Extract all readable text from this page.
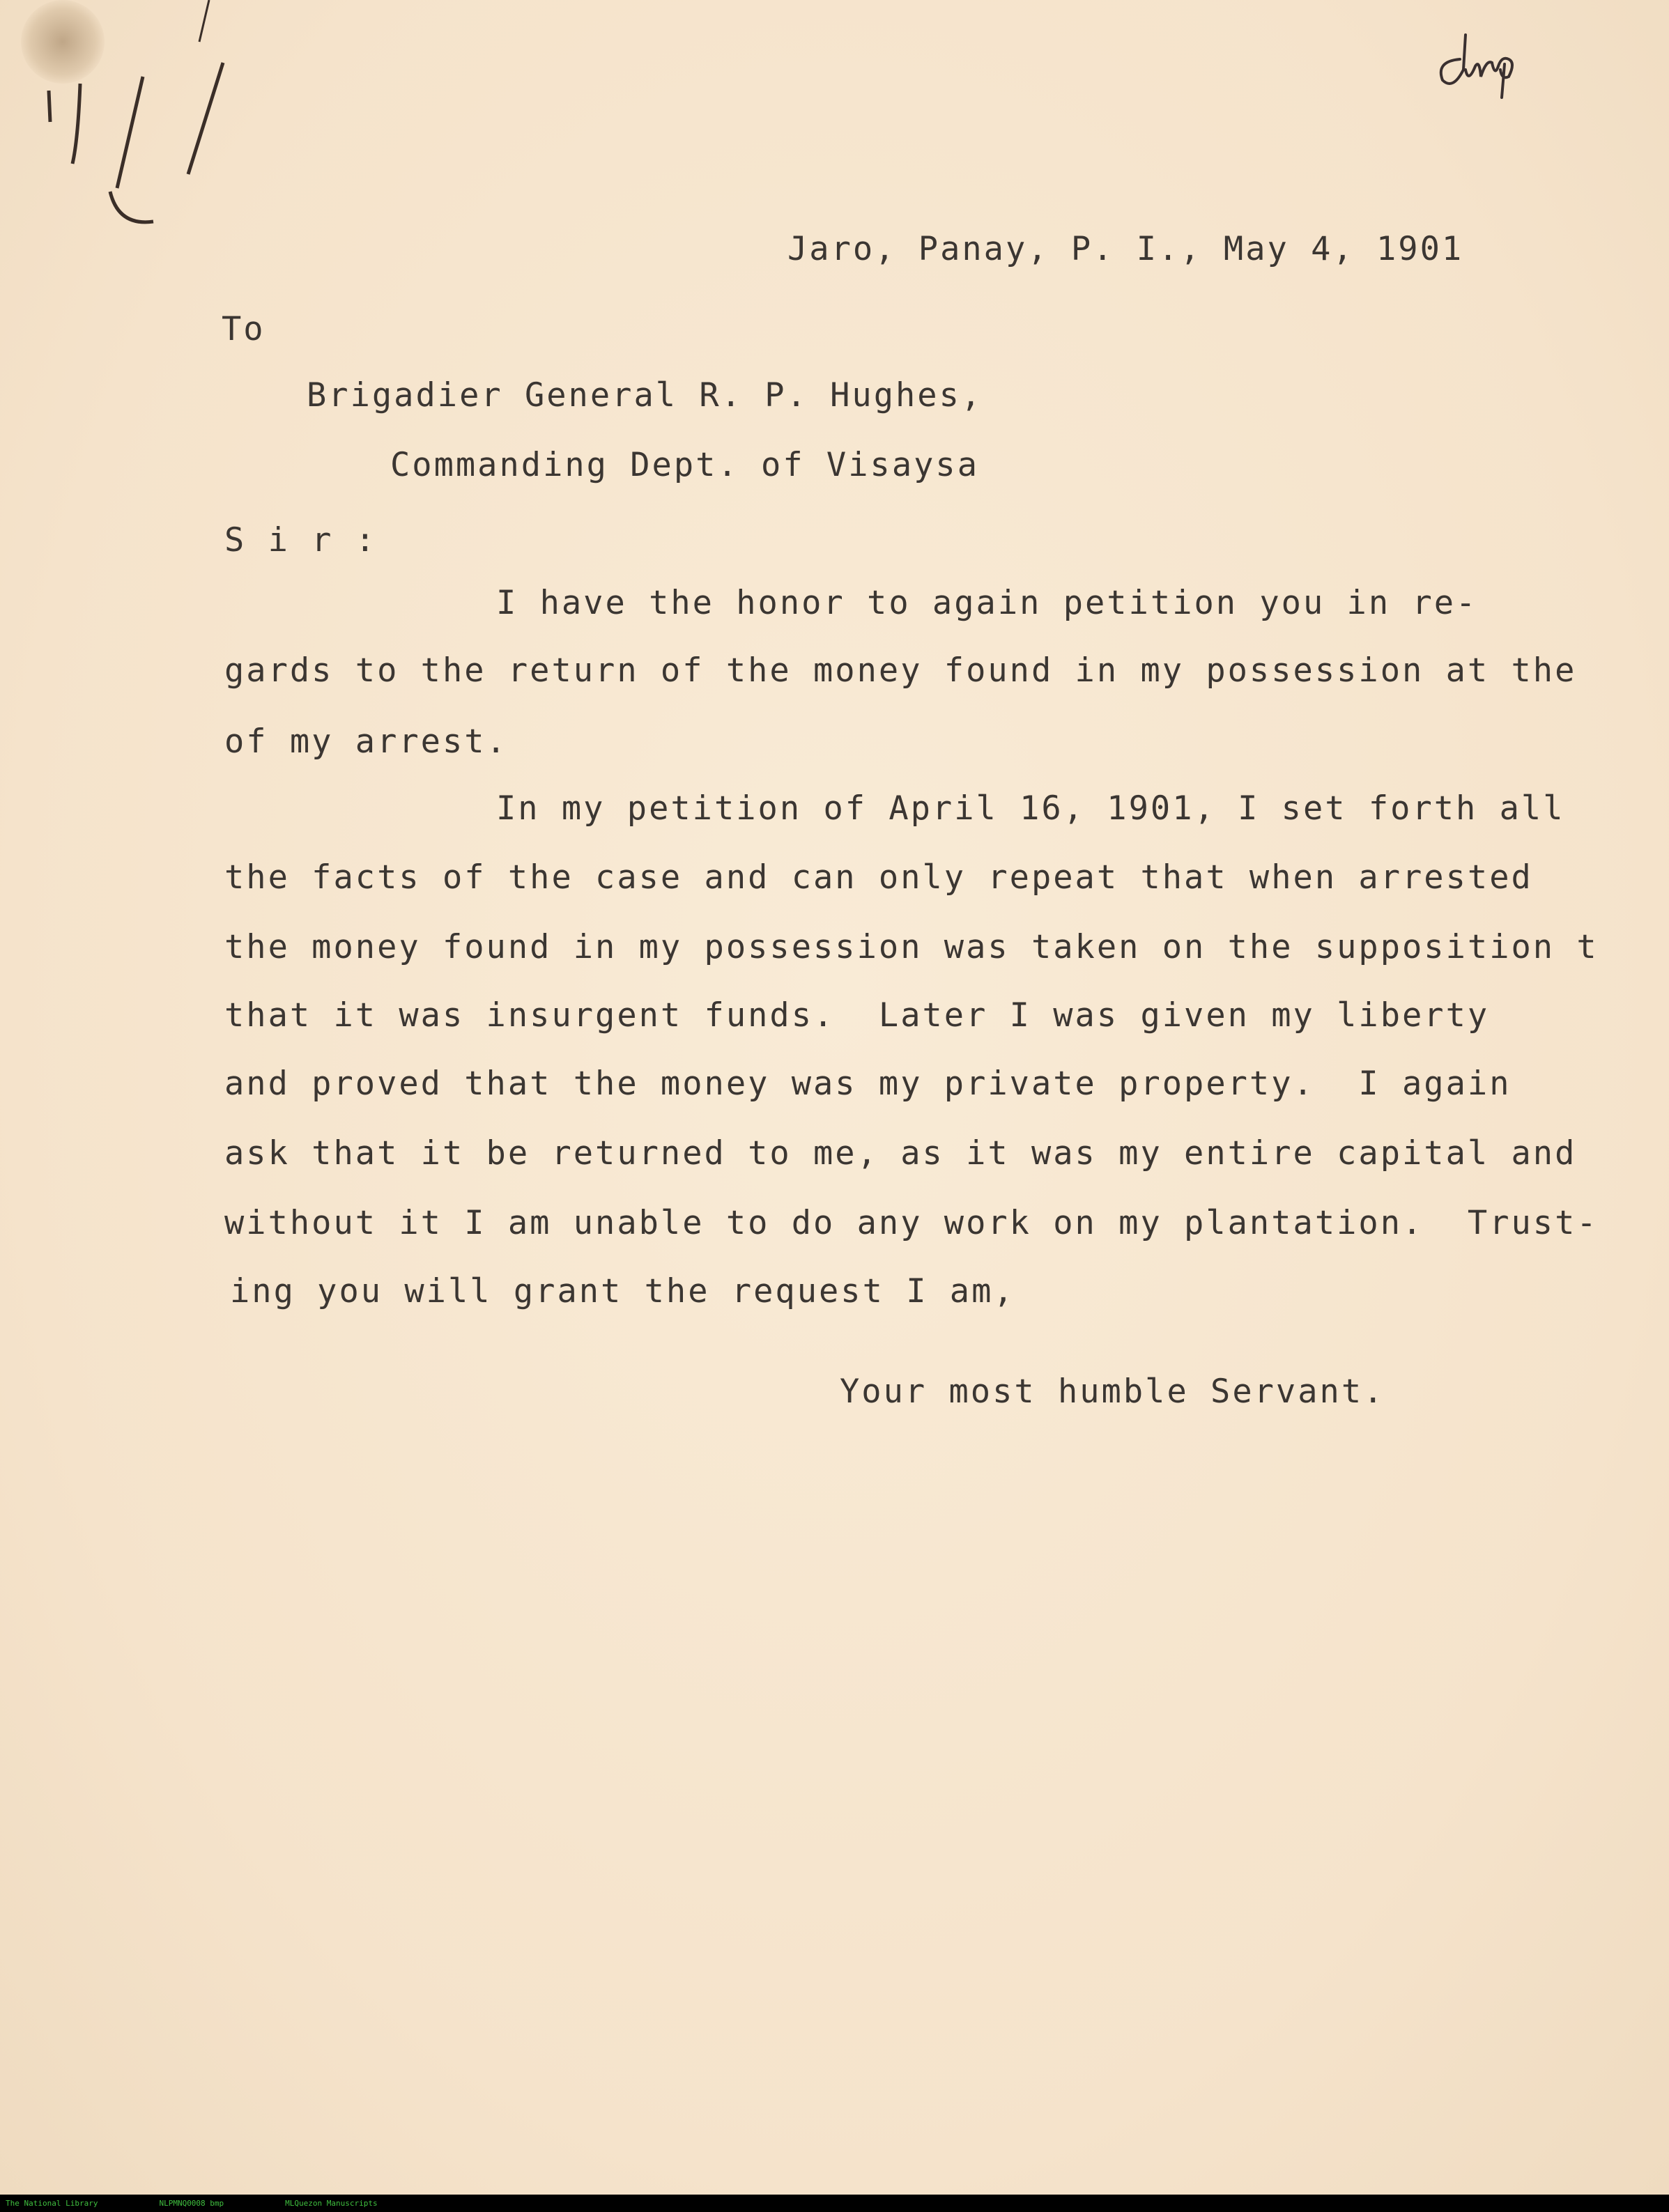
Jaro, Panay, P. I., May 4, 1901
To
Brigadier General R. P. Hughes,
Commanding Dept. of Visaysa
S i r :
I have the honor to again petition you in re-
gards to the return of the money found in my possession at the
of my arrest.
In my petition of April 16, 1901, I set forth all
the facts of the case and can only repeat that when arrested
the money found in my possession was taken on the supposition t
that it was insurgent funds.  Later I was given my liberty
and proved that the money was my private property.  I again
ask that it be returned to me, as it was my entire capital and
without it I am unable to do any work on my plantation.  Trust-
ing you will grant the request I am,
Your most humble Servant.
The National Library	NLPMNQ0008 bmp	MLQuezon Manuscripts
